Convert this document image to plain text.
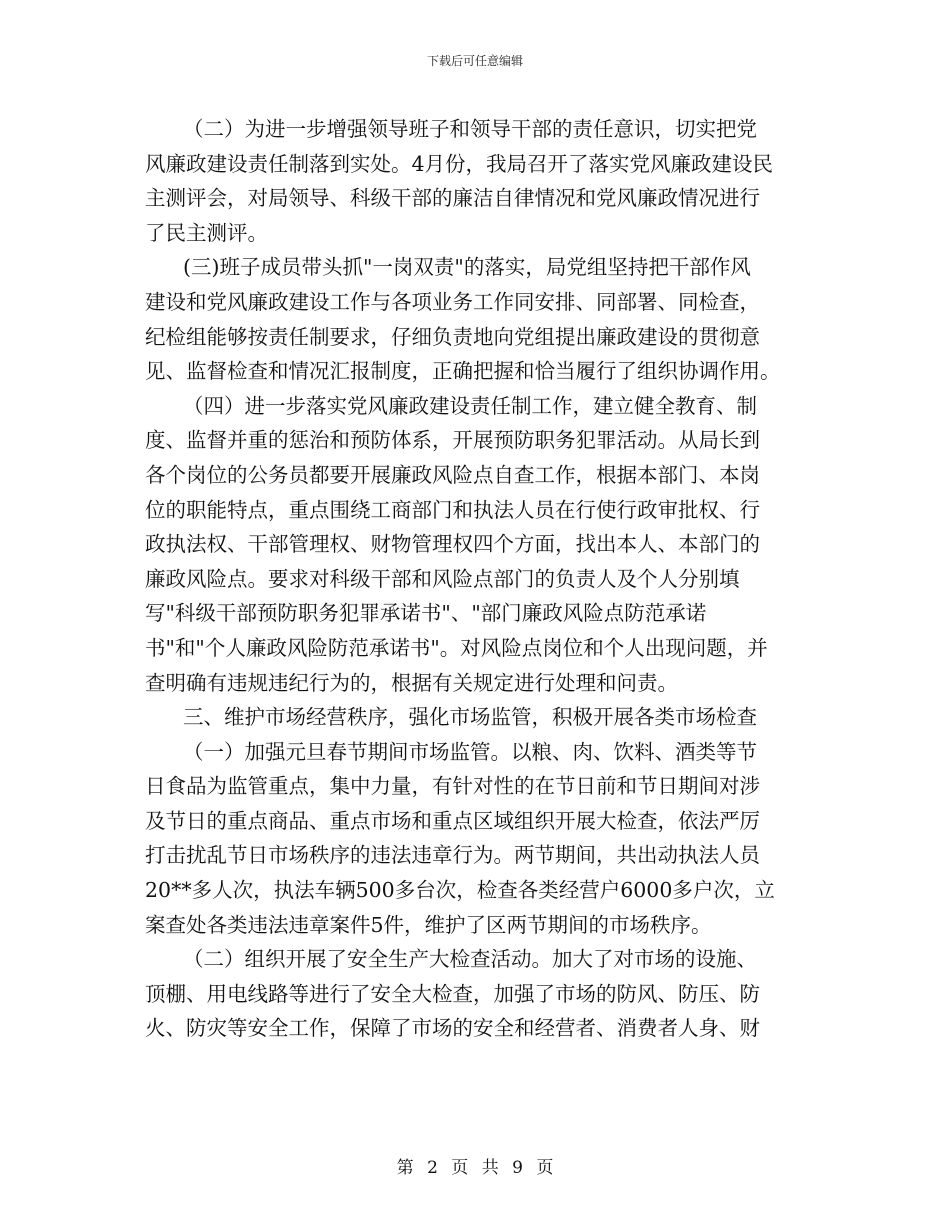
下载后可任意编辑
（二）为进一步增强领导班子和领导干部的责任意识，切实把党
风廉政建设责任制落到实处。4月份，我局召开了落实党风廉政建设民
主测评会，对局领导、科级干部的廉洁自律情况和党风廉政情况进行
了民主测评。
(三)班子成员带头抓"一岗双责"的落实，局党组坚持把干部作风
建设和党风廉政建设工作与各项业务工作同安排、同部署、同检查，
纪检组能够按责任制要求，仔细负责地向党组提出廉政建设的贯彻意
见、监督检查和情况汇报制度，正确把握和恰当履行了组织协调作用。
（四）进一步落实党风廉政建设责任制工作，建立健全教育、制
度、监督并重的惩治和预防体系，开展预防职务犯罪活动。从局长到
各个岗位的公务员都要开展廉政风险点自查工作，根据本部门、本岗
位的职能特点，重点围绕工商部门和执法人员在行使行政审批权、行
政执法权、干部管理权、财物管理权四个方面，找出本人、本部门的
廉政风险点。要求对科级干部和风险点部门的负责人及个人分别填
写"科级干部预防职务犯罪承诺书"、"部门廉政风险点防范承诺
书"和"个人廉政风险防范承诺书"。对风险点岗位和个人出现问题，并
查明确有违规违纪行为的，根据有关规定进行处理和问责。
三、维护市场经营秩序，强化市场监管，积极开展各类市场检查
（一）加强元旦春节期间市场监管。以粮、肉、饮料、酒类等节
日食品为监管重点，集中力量，有针对性的在节日前和节日期间对涉
及节日的重点商品、重点市场和重点区域组织开展大检查，依法严厉
打击扰乱节日市场秩序的违法违章行为。两节期间，共出动执法人员
20**多人次，执法车辆500多台次，检查各类经营户6000多户次，立
案查处各类违法违章案件5件，维护了区两节期间的市场秩序。
（二）组织开展了安全生产大检查活动。加大了对市场的设施、
顶棚、用电线路等进行了安全大检查，加强了市场的防风、防压、防
火、防灾等安全工作，保障了市场的安全和经营者、消费者人身、财
第 2 页 共 9 页
